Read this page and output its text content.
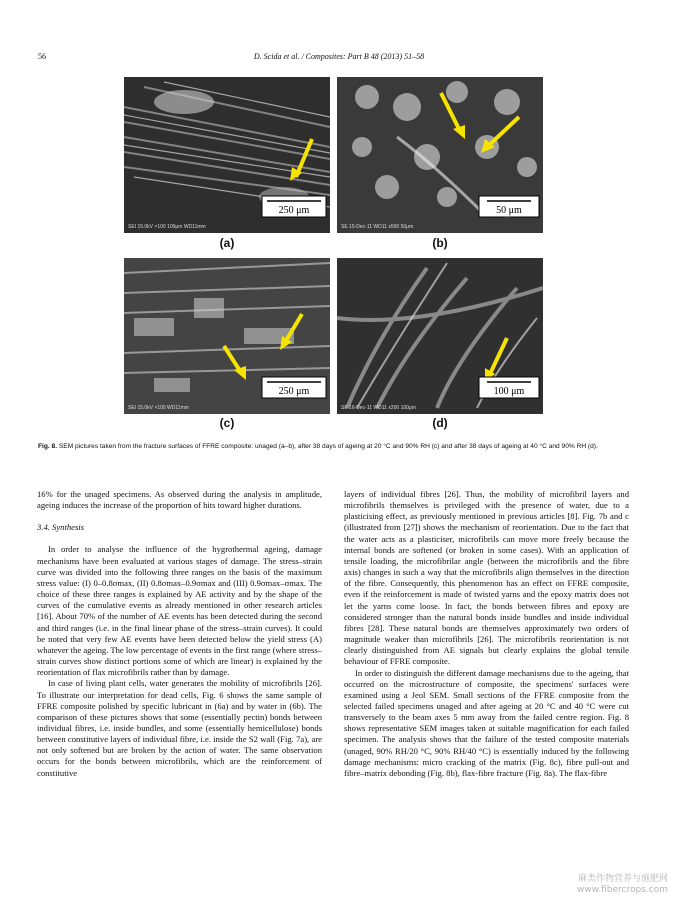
56	D. Scida et al. / Composites: Part B 48 (2013) 51–58
250 μm
SEI 15.0kV ×100 100μm WD11mm
(a)
50 μm
SE 15-Dec-11 WD11 x500 50μm
(b)
250 μm
SEI 15.0kV ×100 WD11mm
(c)
100 μm
SE 16-Dec-11 WD11 x200 100μm
(d)
Fig. 8. SEM pictures taken from the fracture surfaces of FFRE composite: unaged (a–b), after 38 days of ageing at 20 °C and 90% RH (c) and after 38 days of ageing at 40 °C and 90% RH (d).

16% for the unaged specimens. As observed during the analysis in amplitude, ageing induces the increase of the proportion of hits toward higher durations.

3.4. Synthesis

In order to analyse the influence of the hygrothermal ageing, damage mechanisms have been evaluated at various stages of damage. The stress–strain curve was divided into the following three ranges on the basis of the maximum stress value: (I) 0–0.8σmax, (II) 0.8σmax–0.9σmax and (III) 0.9σmax–σmax. The choice of these three ranges is explained by AE activity and by the shape of the curves of the cumulative events as already mentioned in other research articles [16]. About 70% of the number of AE events has been detected during the second and third ranges (i.e. in the final linear phase of the stress–strain curves). It could be noted that very few AE events have been detected below the yield stress (A) whatever the ageing. The low percentage of events in the first range (where stress–strain curves show distinct portions some of which are linear) is explained by the reorientation of flax microfibrils rather than by damage.

In case of living plant cells, water generates the mobility of microfibrils [26]. To illustrate our interpretation for dead cells, Fig. 6 shows the same sample of FFRE composite polished by specific lubricant in (6a) and by water in (6b). The comparison of these pictures shows that some (essentially pectin) bonds between individual fibres, i.e. inside bundles, and some (essentially hemicellulose) bonds between constitutive layers of individual fibre, i.e. inside the S2 wall (Fig. 7a), are not only softened but are broken by the action of water. The same observation occurs for the bonds between microfibrils, which are the reinforcement of constitutive

layers of individual fibres [26]. Thus, the mobility of microfibril layers and microfibrils themselves is privileged with the presence of water, due to a plasticising effect, as previously mentioned in previous articles [8]. Fig. 7b and c (illustrated from [27]) shows the mechanism of reorientation. Due to the fact that the water acts as a plasticiser, microfibrils can move more freely because the internal bonds are softened (or broken in some cases). With an application of tensile loading, the microfibrilar angle (between the microfibrils and the fibre axis) changes in such a way that the microfibrils align themselves in the direction of the fibre. Consequently, this phenomenon has an effect on FFRE composite, even if the reinforcement is made of twisted yarns and the epoxy matrix does not let the yarns come loose. In fact, the bonds between fibres and epoxy are considered stronger than the natural bonds inside bundles and inside individual fibres [28]. These natural bonds are themselves approximately two orders of magnitude weaker than microfibrils [26]. The microfibrils reorientation is not clearly distinguished from AE signals but clearly explains the global tensile behaviour of FFRE composite.

In order to distinguish the different damage mechanisms due to the ageing, that occurred on the microstructure of composite, the specimens' surfaces were examined using a Jeol SEM. Small sections of the FFRE composite from the selected failed specimens unaged and after ageing at 20 °C and 40 °C were cut transversely to the beam axes 5 mm away from the failed centre region. Fig. 8 shows representative SEM images taken at suitable magnification for each failed specimen. The analysis shows that the failure of the tested composite materials (unaged, 90% RH/20 °C, 90% RH/40 °C) is essentially induced by the following damage mechanisms: micro cracking of the matrix (Fig. 8c), fibre pull-out and fibre–matrix debonding (Fig. 8b), flax-fibre fracture (Fig. 8a). The flax-fibre

麻类作物营养与施肥网
www.fibercrops.com
